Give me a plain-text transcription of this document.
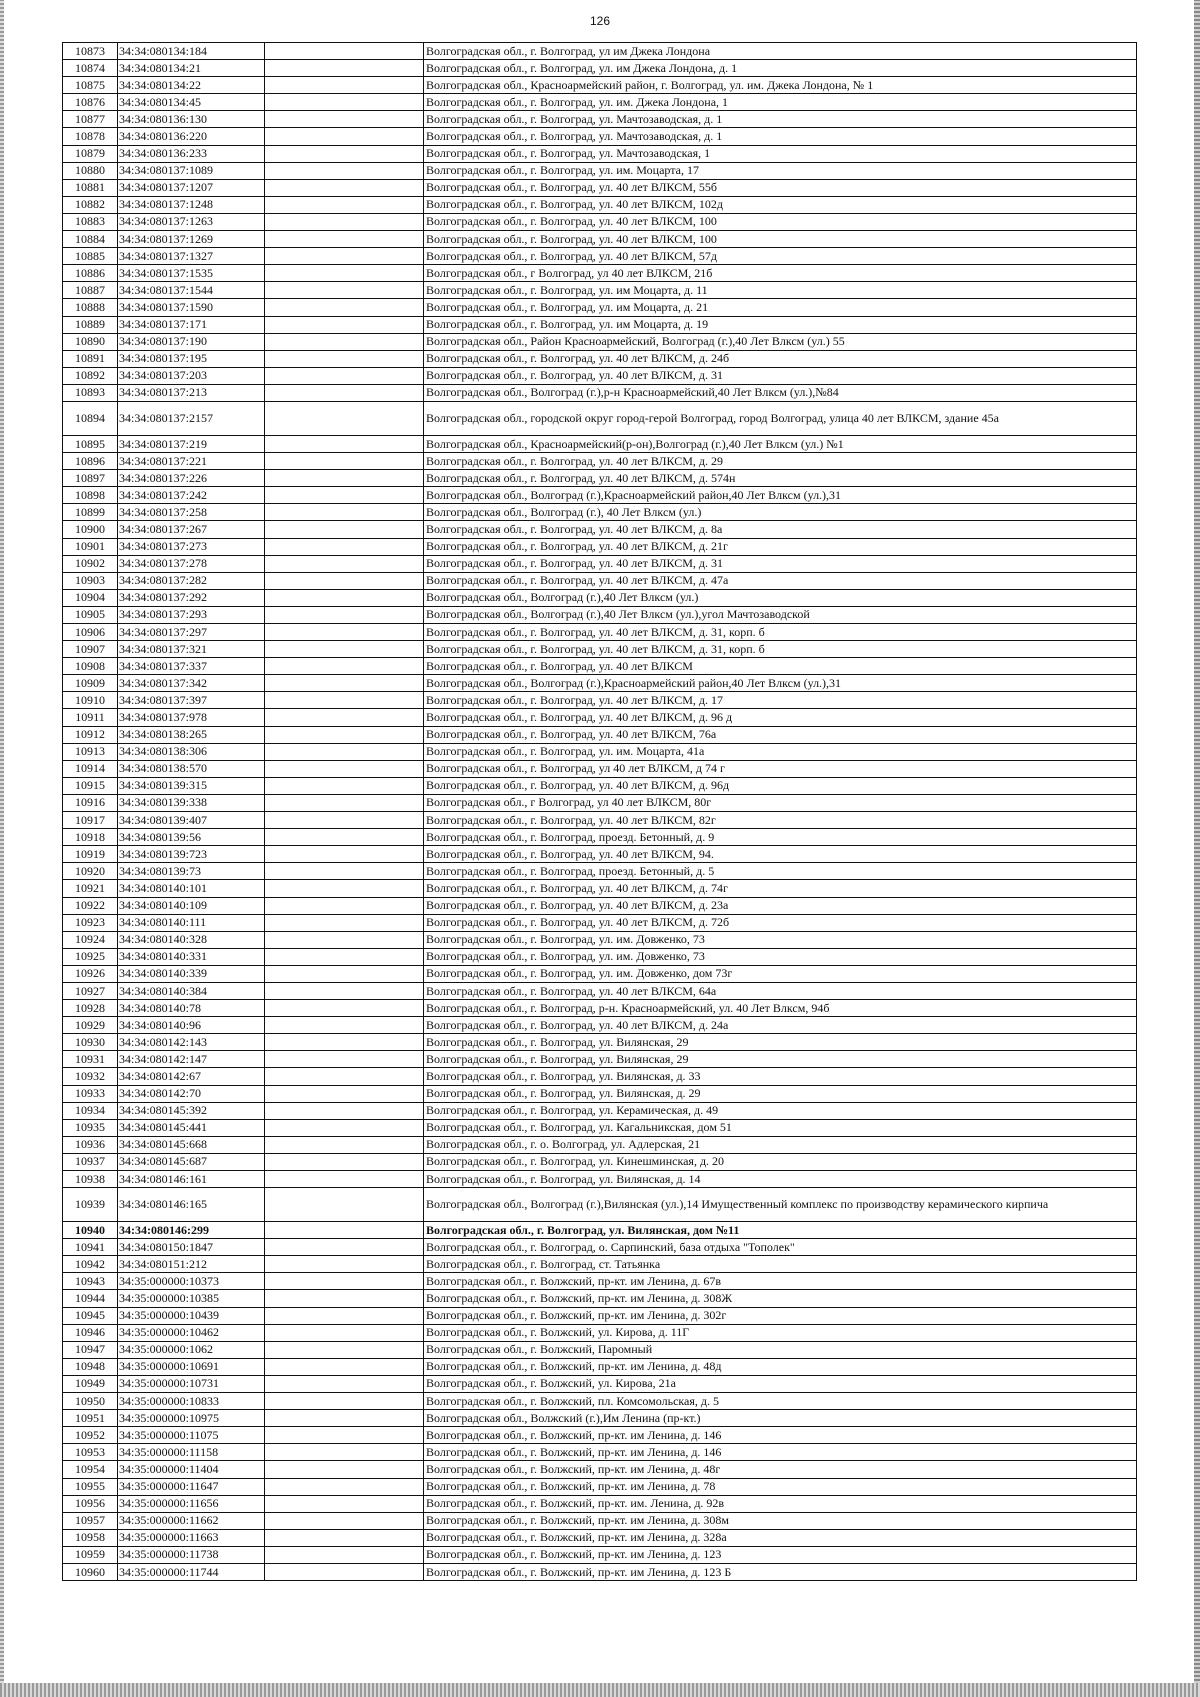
126
10873	34:34:080134:184		Волгоградская обл., г. Волгоград, ул им Джека Лондона
10874	34:34:080134:21		Волгоградская обл., г. Волгоград, ул. им Джека Лондона, д. 1
10875	34:34:080134:22		Волгоградская обл., Красноармейский район, г. Волгоград, ул. им. Джека Лондона, № 1
10876	34:34:080134:45		Волгоградская обл., г. Волгоград, ул. им. Джека Лондона, 1
10877	34:34:080136:130		Волгоградская обл., г. Волгоград, ул. Мачтозаводская, д. 1
10878	34:34:080136:220		Волгоградская обл., г. Волгоград, ул. Мачтозаводская, д. 1
10879	34:34:080136:233		Волгоградская обл., г. Волгоград, ул. Мачтозаводская, 1
10880	34:34:080137:1089		Волгоградская обл., г. Волгоград, ул. им. Моцарта, 17
10881	34:34:080137:1207		Волгоградская обл., г. Волгоград, ул. 40 лет ВЛКСМ, 55б
10882	34:34:080137:1248		Волгоградская обл., г. Волгоград, ул. 40 лет ВЛКСМ, 102д
10883	34:34:080137:1263		Волгоградская обл., г. Волгоград, ул. 40 лет ВЛКСМ, 100
10884	34:34:080137:1269		Волгоградская обл., г. Волгоград, ул. 40 лет ВЛКСМ, 100
10885	34:34:080137:1327		Волгоградская обл., г. Волгоград, ул. 40 лет ВЛКСМ, 57д
10886	34:34:080137:1535		Волгоградская обл., г Волгоград, ул 40 лет ВЛКСМ, 21б
10887	34:34:080137:1544		Волгоградская обл., г. Волгоград, ул. им Моцарта, д. 11
10888	34:34:080137:1590		Волгоградская обл., г. Волгоград, ул. им Моцарта, д. 21
10889	34:34:080137:171		Волгоградская обл., г. Волгоград, ул. им Моцарта, д. 19
10890	34:34:080137:190		Волгоградская обл., Район Красноармейский, Волгоград (г.),40 Лет Влксм (ул.) 55
10891	34:34:080137:195		Волгоградская обл., г. Волгоград, ул. 40 лет ВЛКСМ, д. 24б
10892	34:34:080137:203		Волгоградская обл., г. Волгоград, ул. 40 лет ВЛКСМ, д. 31
10893	34:34:080137:213		Волгоградская обл., Волгоград (г.),р-н Красноармейский,40 Лет Влксм (ул.),№84
10894	34:34:080137:2157		Волгоградская обл., городской округ город-герой Волгоград, город Волгоград, улица 40 лет ВЛКСМ, здание 45а
10895	34:34:080137:219		Волгоградская обл., Красноармейский(р-он),Волгоград (г.),40 Лет Влксм (ул.) №1
10896	34:34:080137:221		Волгоградская обл., г. Волгоград, ул. 40 лет ВЛКСМ, д. 29
10897	34:34:080137:226		Волгоградская обл., г. Волгоград, ул. 40 лет ВЛКСМ, д. 574н
10898	34:34:080137:242		Волгоградская обл., Волгоград (г.),Красноармейский район,40 Лет Влксм (ул.),31
10899	34:34:080137:258		Волгоградская обл., Волгоград (г.), 40 Лет Влксм (ул.)
10900	34:34:080137:267		Волгоградская обл., г. Волгоград, ул. 40 лет ВЛКСМ, д. 8а
10901	34:34:080137:273		Волгоградская обл., г. Волгоград, ул. 40 лет ВЛКСМ, д. 21г
10902	34:34:080137:278		Волгоградская обл., г. Волгоград, ул. 40 лет ВЛКСМ, д. 31
10903	34:34:080137:282		Волгоградская обл., г. Волгоград, ул. 40 лет ВЛКСМ, д. 47а
10904	34:34:080137:292		Волгоградская обл., Волгоград (г.),40 Лет Влксм (ул.)
10905	34:34:080137:293		Волгоградская обл., Волгоград (г.),40 Лет Влксм (ул.),угол Мачтозаводской
10906	34:34:080137:297		Волгоградская обл., г. Волгоград, ул. 40 лет ВЛКСМ, д. 31, корп. б
10907	34:34:080137:321		Волгоградская обл., г. Волгоград, ул. 40 лет ВЛКСМ, д. 31, корп. б
10908	34:34:080137:337		Волгоградская обл., г. Волгоград, ул. 40 лет ВЛКСМ
10909	34:34:080137:342		Волгоградская обл., Волгоград (г.),Красноармейский район,40 Лет Влксм (ул.),31
10910	34:34:080137:397		Волгоградская обл., г. Волгоград, ул. 40 лет ВЛКСМ, д. 17
10911	34:34:080137:978		Волгоградская обл., г. Волгоград, ул. 40 лет ВЛКСМ, д. 96 д
10912	34:34:080138:265		Волгоградская обл., г. Волгоград, ул. 40 лет ВЛКСМ, 76а
10913	34:34:080138:306		Волгоградская обл., г. Волгоград, ул. им. Моцарта, 41а
10914	34:34:080138:570		Волгоградская обл., г. Волгоград, ул 40 лет ВЛКСМ, д 74 г
10915	34:34:080139:315		Волгоградская обл., г. Волгоград, ул. 40 лет ВЛКСМ, д. 96д
10916	34:34:080139:338		Волгоградская обл., г Волгоград, ул 40 лет ВЛКСМ, 80г
10917	34:34:080139:407		Волгоградская обл., г. Волгоград, ул. 40 лет ВЛКСМ, 82г
10918	34:34:080139:56		Волгоградская обл., г. Волгоград, проезд. Бетонный, д. 9
10919	34:34:080139:723		Волгоградская обл., г. Волгоград, ул. 40 лет ВЛКСМ, 94.
10920	34:34:080139:73		Волгоградская обл., г. Волгоград, проезд. Бетонный, д. 5
10921	34:34:080140:101		Волгоградская обл., г. Волгоград, ул. 40 лет ВЛКСМ, д. 74г
10922	34:34:080140:109		Волгоградская обл., г. Волгоград, ул. 40 лет ВЛКСМ, д. 23а
10923	34:34:080140:111		Волгоградская обл., г. Волгоград, ул. 40 лет ВЛКСМ, д. 72б
10924	34:34:080140:328		Волгоградская обл., г. Волгоград, ул. им. Довженко, 73
10925	34:34:080140:331		Волгоградская обл., г. Волгоград, ул. им. Довженко, 73
10926	34:34:080140:339		Волгоградская обл., г. Волгоград, ул. им. Довженко, дом 73г
10927	34:34:080140:384		Волгоградская обл., г. Волгоград, ул. 40 лет ВЛКСМ, 64а
10928	34:34:080140:78		Волгоградская обл., г. Волгоград, р-н. Красноармейский, ул. 40 Лет Влксм, 94б
10929	34:34:080140:96		Волгоградская обл., г. Волгоград, ул. 40 лет ВЛКСМ, д. 24а
10930	34:34:080142:143		Волгоградская обл., г. Волгоград, ул. Вилянская, 29
10931	34:34:080142:147		Волгоградская обл., г. Волгоград, ул. Вилянская, 29
10932	34:34:080142:67		Волгоградская обл., г. Волгоград, ул. Вилянская, д. 33
10933	34:34:080142:70		Волгоградская обл., г. Волгоград, ул. Вилянская, д. 29
10934	34:34:080145:392		Волгоградская обл., г. Волгоград, ул. Керамическая, д. 49
10935	34:34:080145:441		Волгоградская обл., г. Волгоград, ул. Кагальникская, дом 51
10936	34:34:080145:668		Волгоградская обл., г. о. Волгоград, ул. Адлерская, 21
10937	34:34:080145:687		Волгоградская обл., г. Волгоград, ул. Кинешминская, д. 20
10938	34:34:080146:161		Волгоградская обл., г. Волгоград, ул. Вилянская, д. 14
10939	34:34:080146:165		Волгоградская обл., Волгоград (г.),Вилянская (ул.),14 Имущественный комплекс по производству керамического кирпича
10940	34:34:080146:299		Волгоградская обл., г. Волгоград, ул. Вилянская, дом №11
10941	34:34:080150:1847		Волгоградская обл., г. Волгоград, о. Сарпинский, база отдыха "Тополек"
10942	34:34:080151:212		Волгоградская обл., г. Волгоград, ст. Татьянка
10943	34:35:000000:10373		Волгоградская обл., г. Волжский, пр-кт. им Ленина, д. 67в
10944	34:35:000000:10385		Волгоградская обл., г. Волжский, пр-кт. им Ленина, д. 308Ж
10945	34:35:000000:10439		Волгоградская обл., г. Волжский, пр-кт. им Ленина, д. 302г
10946	34:35:000000:10462		Волгоградская обл., г. Волжский, ул. Кирова, д. 11Г
10947	34:35:000000:1062		Волгоградская обл., г. Волжский, Паромный
10948	34:35:000000:10691		Волгоградская обл., г. Волжский, пр-кт. им Ленина, д. 48д
10949	34:35:000000:10731		Волгоградская обл., г. Волжский, ул. Кирова, 21а
10950	34:35:000000:10833		Волгоградская обл., г. Волжский, пл. Комсомольская, д. 5
10951	34:35:000000:10975		Волгоградская обл., Волжский (г.),Им Ленина (пр-кт.)
10952	34:35:000000:11075		Волгоградская обл., г. Волжский, пр-кт. им Ленина, д. 146
10953	34:35:000000:11158		Волгоградская обл., г. Волжский, пр-кт. им Ленина, д. 146
10954	34:35:000000:11404		Волгоградская обл., г. Волжский, пр-кт. им Ленина, д. 48г
10955	34:35:000000:11647		Волгоградская обл., г. Волжский, пр-кт. им Ленина, д. 78
10956	34:35:000000:11656		Волгоградская обл., г. Волжский, пр-кт. им. Ленина, д. 92в
10957	34:35:000000:11662		Волгоградская обл., г. Волжский, пр-кт. им Ленина, д. 308м
10958	34:35:000000:11663		Волгоградская обл., г. Волжский, пр-кт. им Ленина, д. 328а
10959	34:35:000000:11738		Волгоградская обл., г. Волжский, пр-кт. им Ленина, д. 123
10960	34:35:000000:11744		Волгоградская обл., г. Волжский, пр-кт. им Ленина, д. 123 Б
